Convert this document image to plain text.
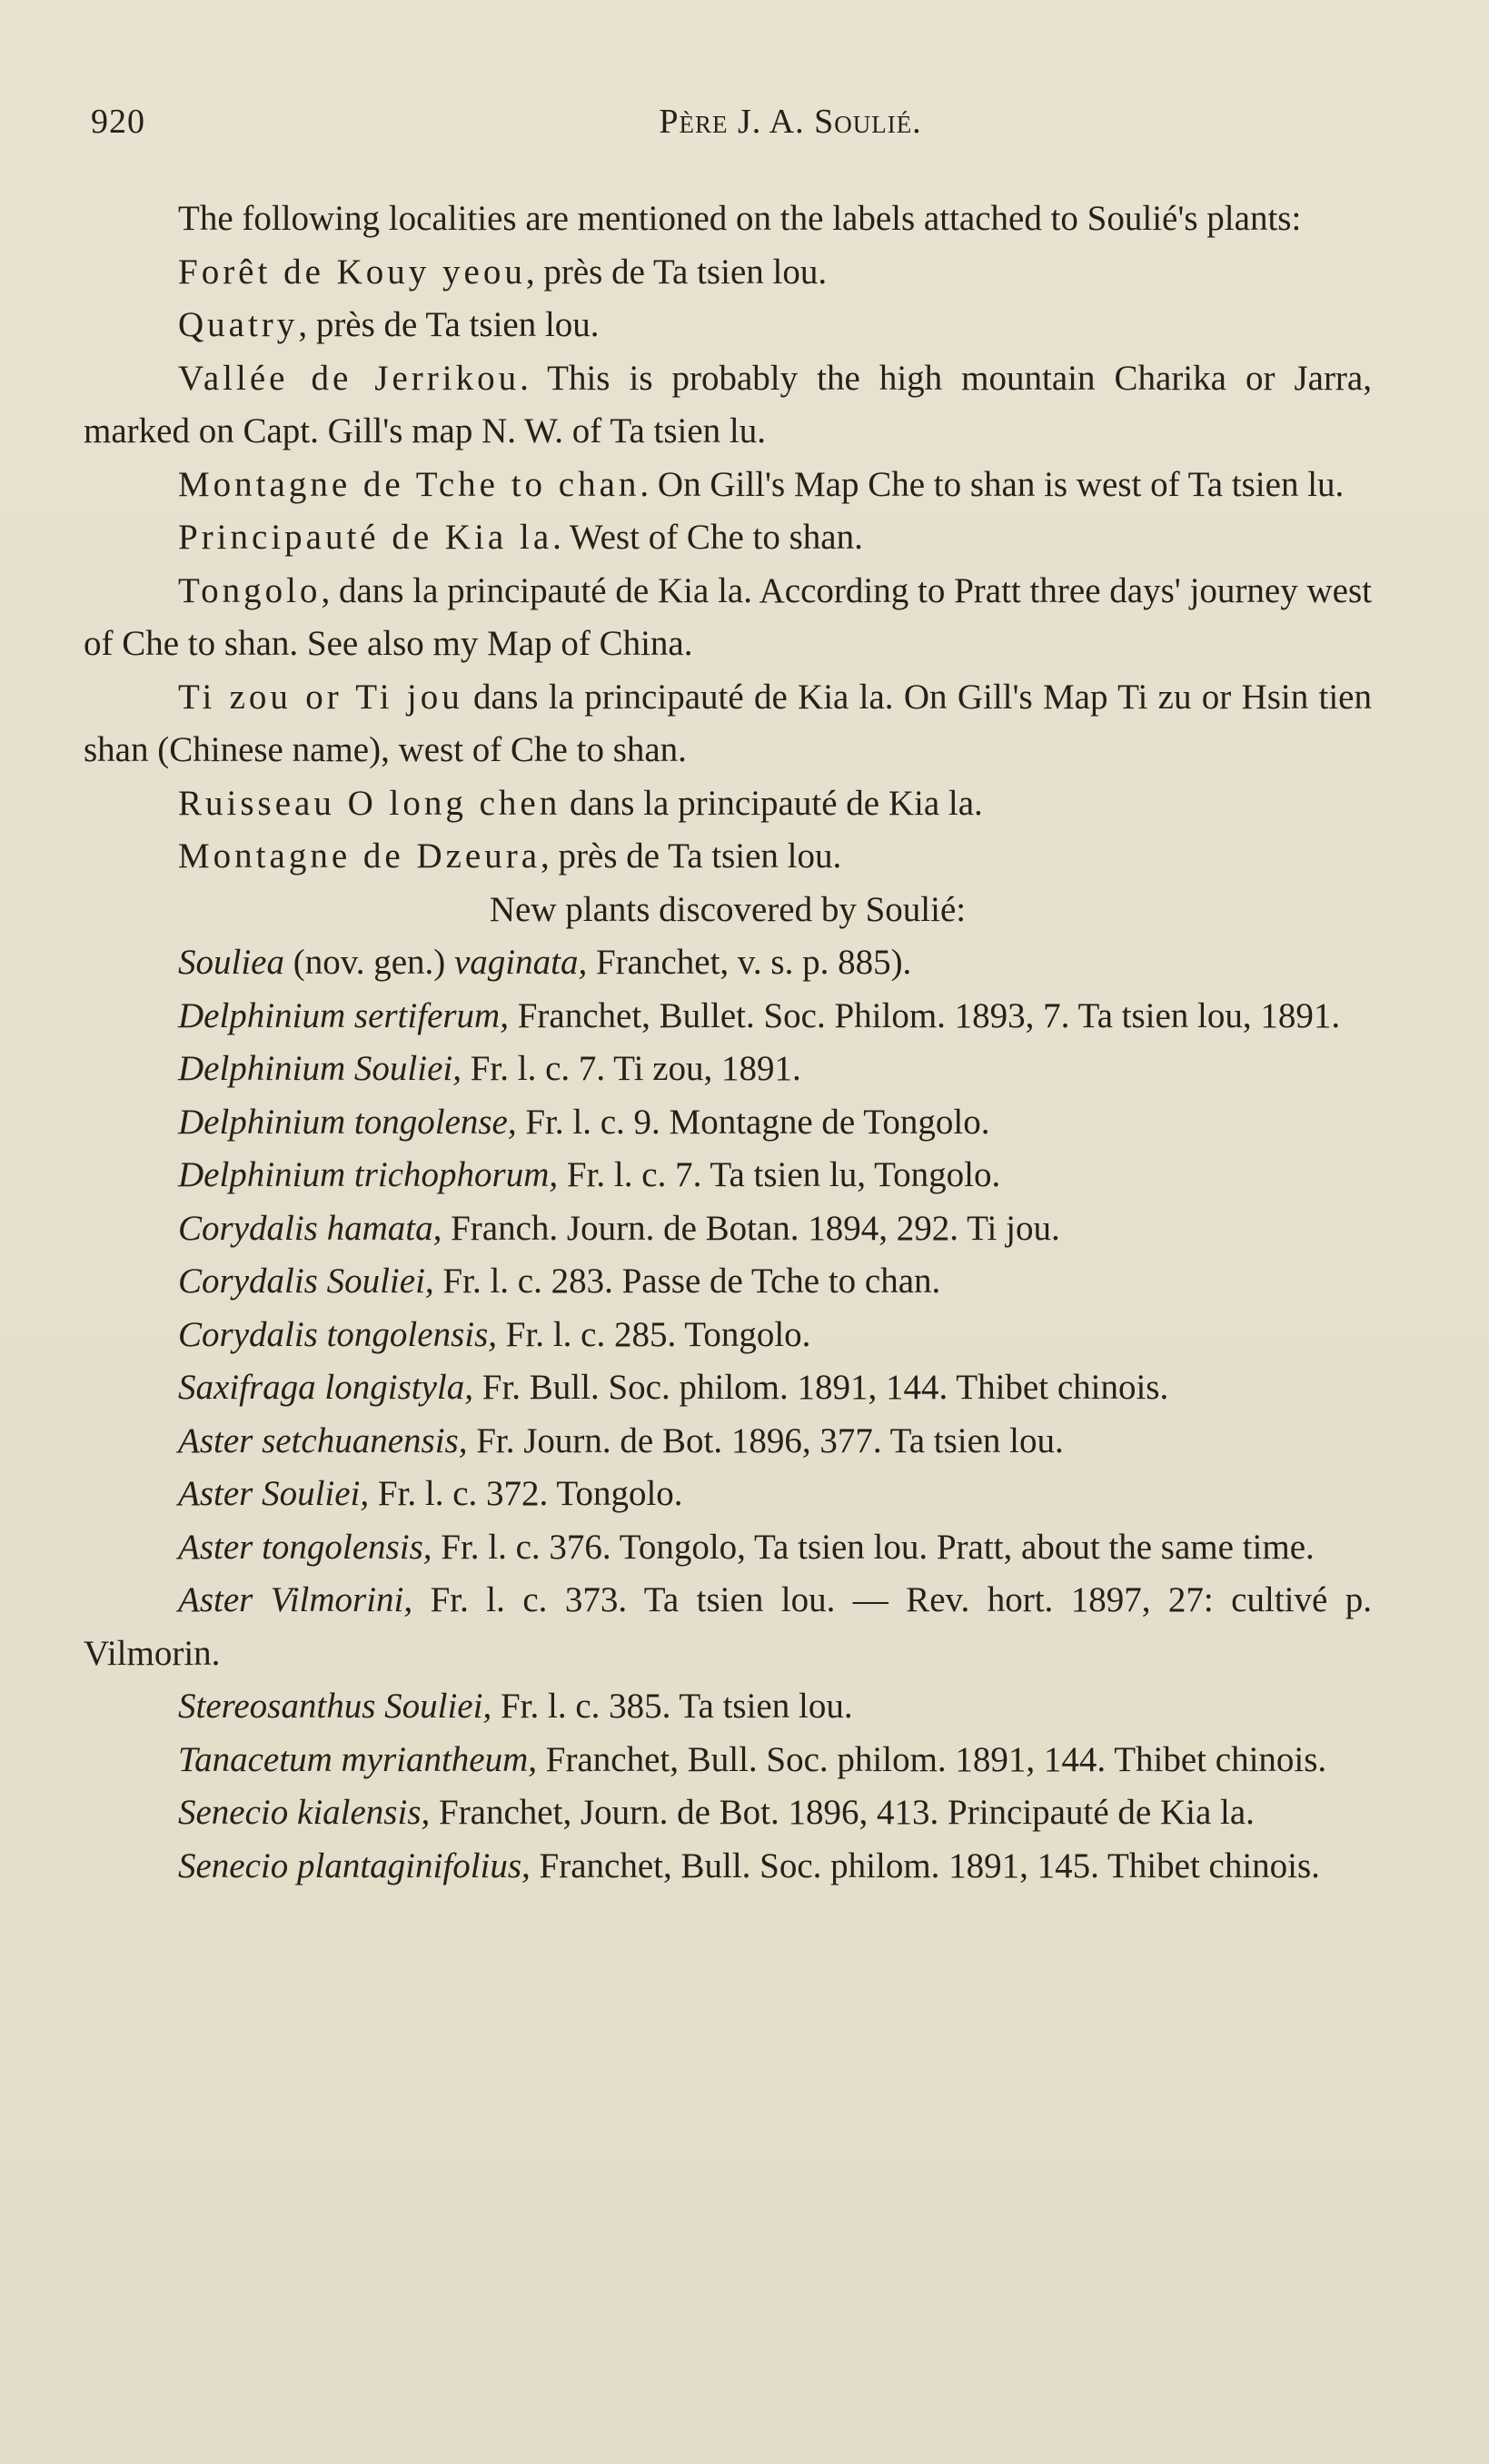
920	Père J. A. Soulié.

The following localities are mentioned on the labels attached to Soulié's plants:

Forêt de Kouy yeou, près de Ta tsien lou.

Quatry, près de Ta tsien lou.

Vallée de Jerrikou. This is probably the high mountain Charika or Jarra, marked on Capt. Gill's map N. W. of Ta tsien lu.

Montagne de Tche to chan. On Gill's Map Che to shan is west of Ta tsien lu.

Principauté de Kia la. West of Che to shan.

Tongolo, dans la principauté de Kia la. According to Pratt three days' journey west of Che to shan. See also my Map of China.

Ti zou or Ti jou dans la principauté de Kia la. On Gill's Map Ti zu or Hsin tien shan (Chinese name), west of Che to shan.

Ruisseau O long chen dans la principauté de Kia la.

Montagne de Dzeura, près de Ta tsien lou.

New plants discovered by Soulié:

Souliea (nov. gen.) vaginata, Franchet, v. s. p. 885).

Delphinium sertiferum, Franchet, Bullet. Soc. Philom. 1893, 7. Ta tsien lou, 1891.

Delphinium Souliei, Fr. l. c. 7. Ti zou, 1891.

Delphinium tongolense, Fr. l. c. 9. Montagne de Tongolo.

Delphinium trichophorum, Fr. l. c. 7. Ta tsien lu, Tongolo.

Corydalis hamata, Franch. Journ. de Botan. 1894, 292. Ti jou.

Corydalis Souliei, Fr. l. c. 283. Passe de Tche to chan.

Corydalis tongolensis, Fr. l. c. 285. Tongolo.

Saxifraga longistyla, Fr. Bull. Soc. philom. 1891, 144. Thibet chinois.

Aster setchuanensis, Fr. Journ. de Bot. 1896, 377. Ta tsien lou.

Aster Souliei, Fr. l. c. 372. Tongolo.

Aster tongolensis, Fr. l. c. 376. Tongolo, Ta tsien lou. Pratt, about the same time.

Aster Vilmorini, Fr. l. c. 373. Ta tsien lou. — Rev. hort. 1897, 27: cultivé p. Vilmorin.

Stereosanthus Souliei, Fr. l. c. 385. Ta tsien lou.

Tanacetum myriantheum, Franchet, Bull. Soc. philom. 1891, 144. Thibet chinois.

Senecio kialensis, Franchet, Journ. de Bot. 1896, 413. Principauté de Kia la.

Senecio plantaginifolius, Franchet, Bull. Soc. philom. 1891, 145. Thibet chinois.
